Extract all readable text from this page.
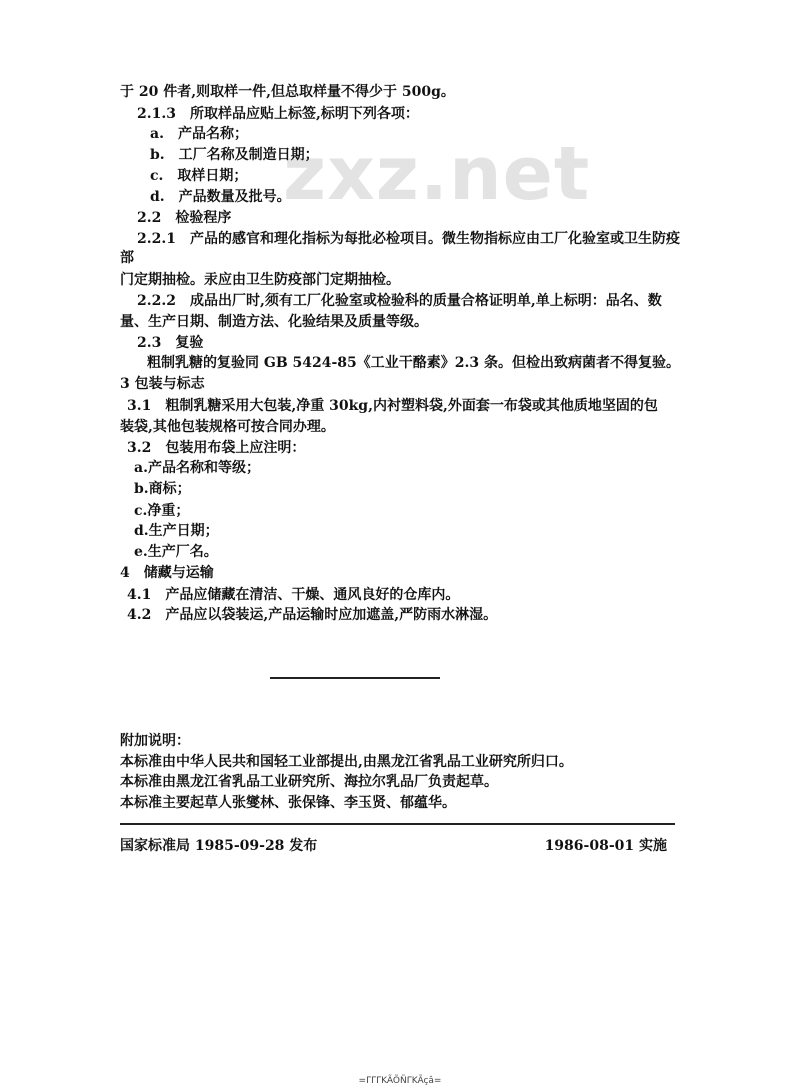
zxz.net
于 20 件者,则取样一件,但总取样量不得少于 500g。
2.1.3　所取样品应贴上标签,标明下列各项：
a.　产品名称；
b.　工厂名称及制造日期；
c.　取样日期；
d.　产品数量及批号。
2.2　检验程序
2.2.1　产品的感官和理化指标为每批必检项目。微生物指标应由工厂化验室或卫生防疫
部
门定期抽检。汞应由卫生防疫部门定期抽检。
2.2.2　成品出厂时,须有工厂化验室或检验科的质量合格证明单,单上标明：品名、数
量、生产日期、制造方法、化验结果及质量等级。
2.3　复验
粗制乳糖的复验同 GB 5424-85《工业干酪素》2.3 条。但检出致病菌者不得复验。
3 包装与标志
3.1　粗制乳糖采用大包装,净重 30kg,内衬塑料袋,外面套一布袋或其他质地坚固的包
装袋,其他包装规格可按合同办理。
3.2　包装用布袋上应注明：
a.产品名称和等级；
b.商标；
c.净重；
d.生产日期；
e.生产厂名。
4　储藏与运输
4.1　产品应储藏在清洁、干燥、通风良好的仓库内。
4.2　产品应以袋装运,产品运输时应加遮盖,严防雨水淋湿。
附加说明：
本标准由中华人民共和国轻工业部提出,由黑龙江省乳品工业研究所归口。
本标准由黑龙江省乳品工业研究所、海拉尔乳品厂负责起草。
本标准主要起草人张燮林、张保锋、李玉贤、郁蕴华。
国家标准局 1985-09-28 发布	1986-08-01 实施
=ΓΓΓKÃÕÑΓKÃçâ=
